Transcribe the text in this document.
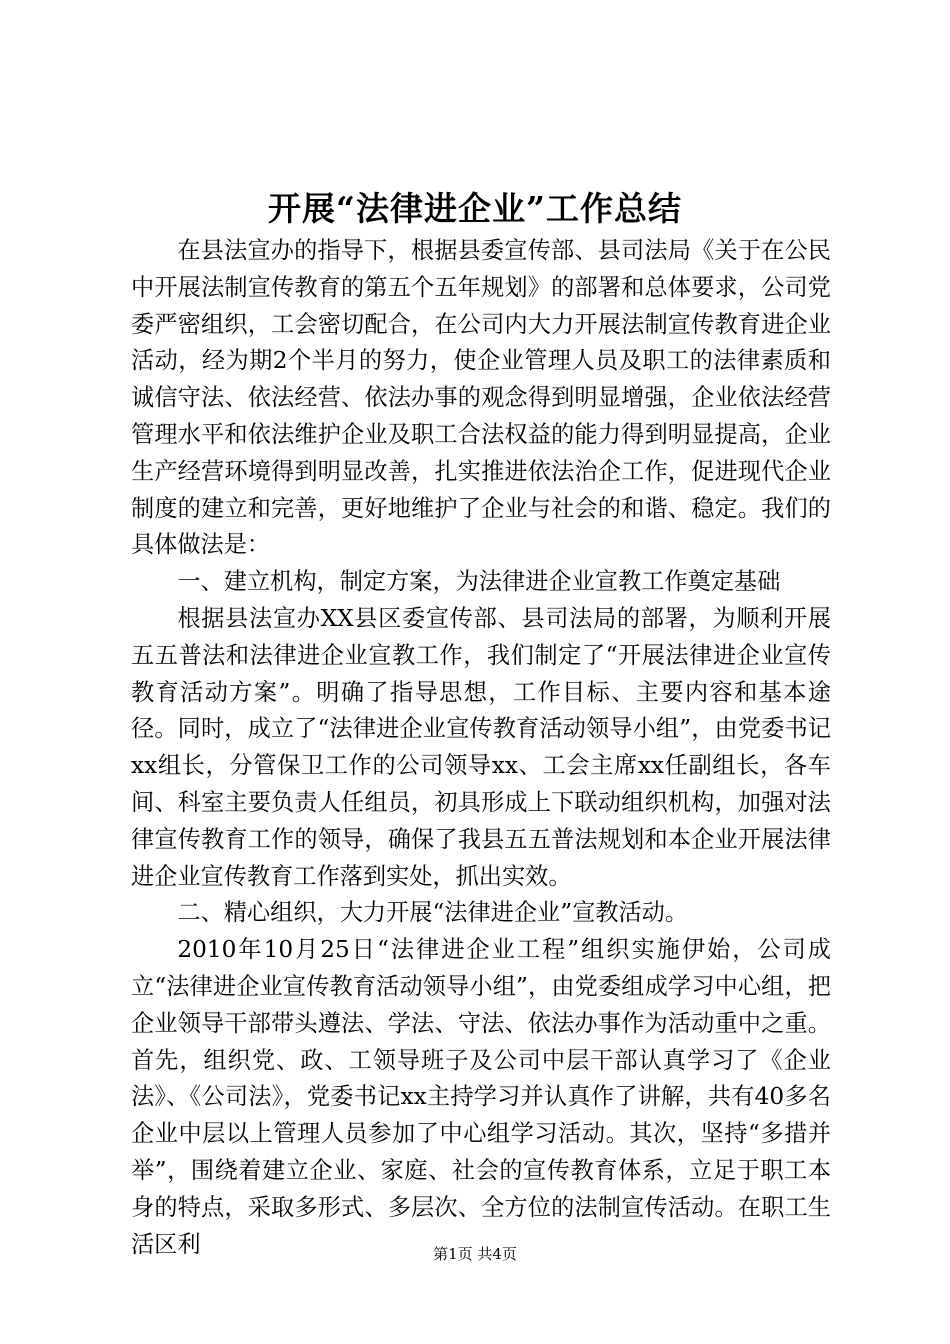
开展“法律进企业”工作总结

在县法宣办的指导下，根据县委宣传部、县司法局《关于在公民中开展法制宣传教育的第五个五年规划》的部署和总体要求，公司党委严密组织，工会密切配合，在公司内大力开展法制宣传教育进企业活动，经为期2个半月的努力，使企业管理人员及职工的法律素质和诚信守法、依法经营、依法办事的观念得到明显增强，企业依法经营管理水平和依法维护企业及职工合法权益的能力得到明显提高，企业生产经营环境得到明显改善，扎实推进依法治企工作，促进现代企业制度的建立和完善，更好地维护了企业与社会的和谐、稳定。我们的具体做法是：

一、建立机构，制定方案，为法律进企业宣教工作奠定基础

根据县法宣办XX县区委宣传部、县司法局的部署，为顺利开展五五普法和法律进企业宣教工作，我们制定了“开展法律进企业宣传教育活动方案”。明确了指导思想，工作目标、主要内容和基本途径。同时，成立了“法律进企业宣传教育活动领导小组”，由党委书记xx组长，分管保卫工作的公司领导xx、工会主席xx任副组长，各车间、科室主要负责人任组员，初具形成上下联动组织机构，加强对法律宣传教育工作的领导，确保了我县五五普法规划和本企业开展法律进企业宣传教育工作落到实处，抓出实效。

二、精心组织，大力开展“法律进企业”宣教活动。

2010年10月25日“法律进企业工程”组织实施伊始，公司成立“法律进企业宣传教育活动领导小组”，由党委组成学习中心组，把企业领导干部带头遵法、学法、守法、依法办事作为活动重中之重。首先，组织党、政、工领导班子及公司中层干部认真学习了《企业法》、《公司法》，党委书记xx主持学习并认真作了讲解，共有40多名企业中层以上管理人员参加了中心组学习活动。其次，坚持“多措并举”，围绕着建立企业、家庭、社会的宣传教育体系，立足于职工本身的特点，采取多形式、多层次、全方位的法制宣传活动。在职工生活区利	第1页 共4页
